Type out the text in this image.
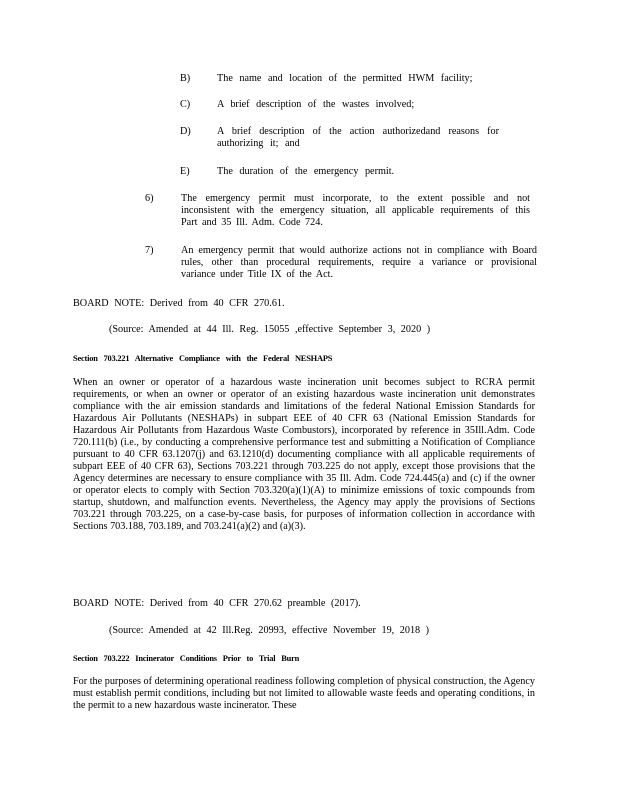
B)	The name and location of the permitted HWM facility;
C)	A brief description of the wastes involved;
D)	A brief description of the action authorizedand reasons for authorizing it; and
E)	The duration of the emergency permit.
6)	The emergency permit must incorporate, to the extent possible and not inconsistent with the emergency situation, all applicable requirements of this Part and 35 Ill. Adm. Code 724.
7)	An emergency permit that would authorize actions not in compliance with Board rules, other than procedural requirements, require a variance or provisional variance under Title IX of the Act.
BOARD NOTE: Derived from 40 CFR 270.61.
(Source: Amended at 44 Ill. Reg. 15055 ,effective September 3, 2020 )
Section 703.221 Alternative Compliance with the Federal NESHAPS
When an owner or operator of a hazardous waste incineration unit becomes subject to RCRA permit requirements, or when an owner or operator of an existing hazardous waste incineration unit demonstrates compliance with the air emission standards and limitations of the federal National Emission Standards for Hazardous Air Pollutants (NESHAPs) in subpart EEE of 40 CFR 63 (National Emission Standards for Hazardous Air Pollutants from Hazardous Waste Combustors), incorporated by reference in 35Ill.Adm. Code 720.111(b) (i.e., by conducting a comprehensive performance test and submitting a Notification of Compliance pursuant to 40 CFR 63.1207(j) and 63.1210(d) documenting compliance with all applicable requirements of subpart EEE of 40 CFR 63), Sections 703.221 through 703.225 do not apply, except those provisions that the Agency determines are necessary to ensure compliance with 35 Ill. Adm. Code 724.445(a) and (c) if the owner or operator elects to comply with Section 703.320(a)(1)(A) to minimize emissions of toxic compounds from startup, shutdown, and malfunction events. Nevertheless, the Agency may apply the provisions of Sections 703.221 through 703.225, on a case-by-case basis, for purposes of information collection in accordance with Sections 703.188, 703.189, and 703.241(a)(2) and (a)(3).
BOARD NOTE: Derived from 40 CFR 270.62 preamble (2017).
(Source: Amended at 42 Ill.Reg. 20993, effective November 19, 2018 )
Section 703.222 Incinerator Conditions Prior to Trial Burn
For the purposes of determining operational readiness following completion of physical construction, the Agency must establish permit conditions, including but not limited to allowable waste feeds and operating conditions, in the permit to a new hazardous waste incinerator. These
